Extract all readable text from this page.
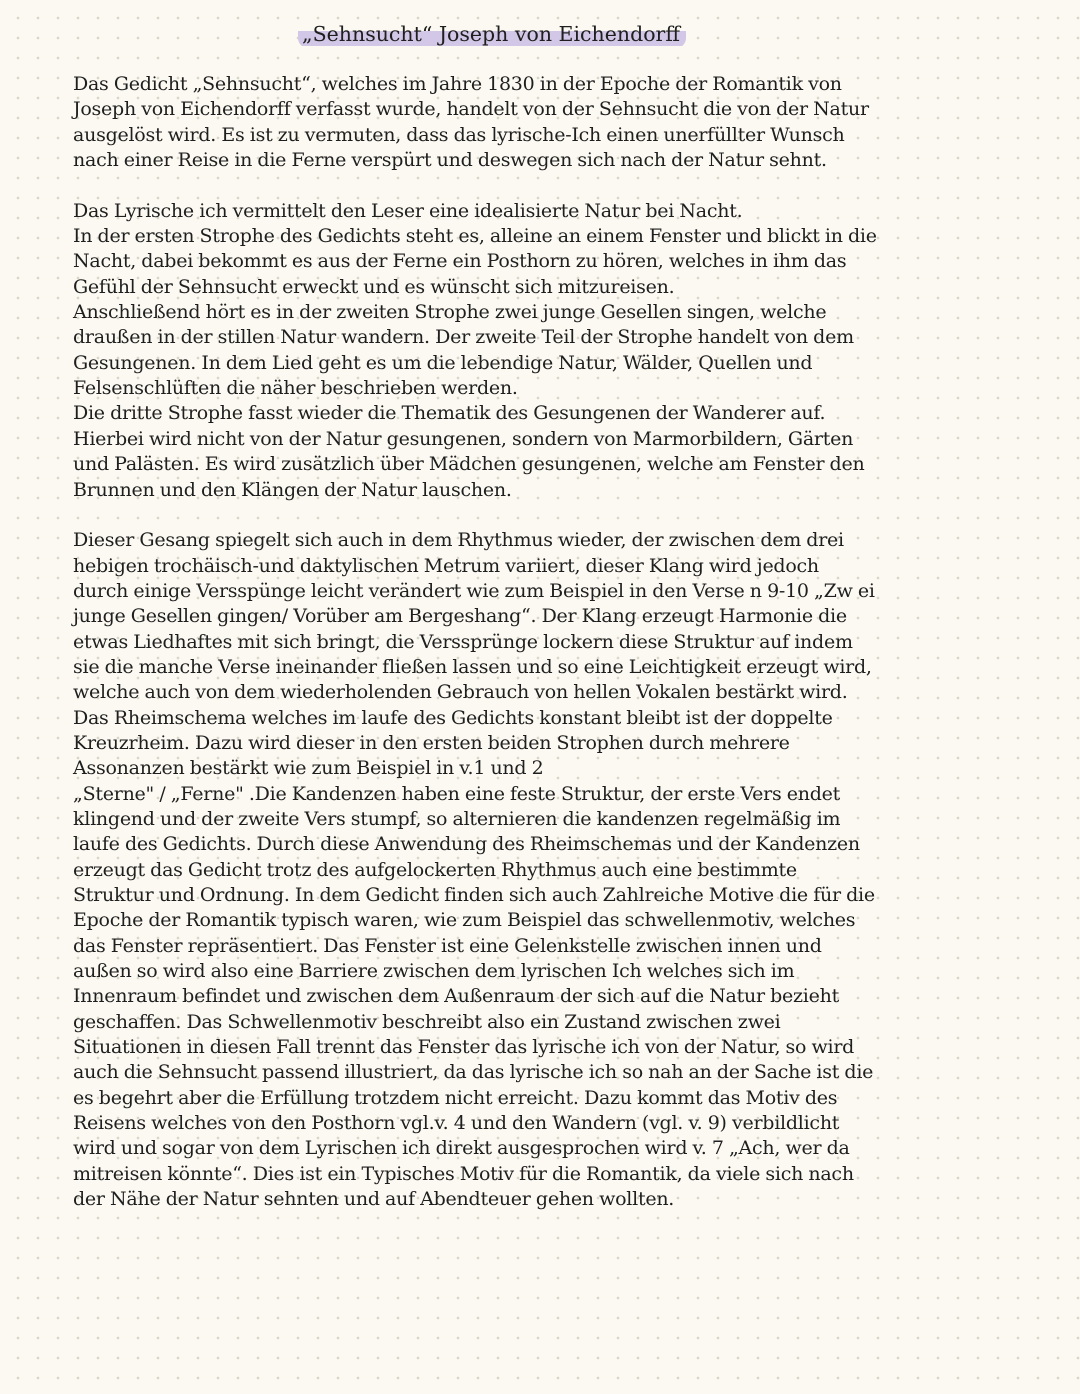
„Sehnsucht“ Joseph von Eichendorff
Das Gedicht „Sehnsucht“, welches im Jahre 1830 in der Epoche der Romantik von
Joseph von Eichendorff verfasst wurde, handelt von der Sehnsucht die von der Natur
ausgelöst wird. Es ist zu vermuten, dass das lyrische-Ich einen unerfüllter Wunsch
nach einer Reise in die Ferne verspürt und deswegen sich nach der Natur sehnt.
Das Lyrische ich vermittelt den Leser eine idealisierte Natur bei Nacht.
In der ersten Strophe des Gedichts steht es, alleine an einem Fenster und blickt in die
Nacht, dabei bekommt es aus der Ferne ein Posthorn zu hören, welches in ihm das
Gefühl der Sehnsucht erweckt und es wünscht sich mitzureisen.
Anschließend hört es in der zweiten Strophe zwei junge Gesellen singen, welche
draußen in der stillen Natur wandern. Der zweite Teil der Strophe handelt von dem
Gesungenen. In dem Lied geht es um die lebendige Natur, Wälder, Quellen und
Felsenschlüften die näher beschrieben werden.
Die dritte Strophe fasst wieder die Thematik des Gesungenen der Wanderer auf.
Hierbei wird nicht von der Natur gesungenen, sondern von Marmorbildern, Gärten
und Palästen. Es wird zusätzlich über Mädchen gesungenen, welche am Fenster den
Brunnen und den Klängen der Natur lauschen.
Dieser Gesang spiegelt sich auch in dem Rhythmus wieder, der zwischen dem drei
hebigen trochäisch-und daktylischen Metrum variiert, dieser Klang wird jedoch
durch einige Versspünge leicht verändert wie zum Beispiel in den Verse n 9-10 „Zw ei
junge Gesellen gingen/ Vorüber am Bergeshang“. Der Klang erzeugt Harmonie die
etwas Liedhaftes mit sich bringt, die Verssprünge lockern diese Struktur auf indem
sie die manche Verse ineinander fließen lassen und so eine Leichtigkeit erzeugt wird,
welche auch von dem wiederholenden Gebrauch von hellen Vokalen bestärkt wird.
Das Rheimschema welches im laufe des Gedichts konstant bleibt ist der doppelte
Kreuzrheim. Dazu wird dieser in den ersten beiden Strophen durch mehrere
Assonanzen bestärkt wie zum Beispiel in v.1 und 2
„Sterne" / „Ferne" .Die Kandenzen haben eine feste Struktur, der erste Vers endet
klingend und der zweite Vers stumpf, so alternieren die kandenzen regelmäßig im
laufe des Gedichts. Durch diese Anwendung des Rheimschemas und der Kandenzen
erzeugt das Gedicht trotz des aufgelockerten Rhythmus auch eine bestimmte
Struktur und Ordnung. In dem Gedicht finden sich auch Zahlreiche Motive die für die
Epoche der Romantik typisch waren, wie zum Beispiel das schwellenmotiv, welches
das Fenster repräsentiert. Das Fenster ist eine Gelenkstelle zwischen innen und
außen so wird also eine Barriere zwischen dem lyrischen Ich welches sich im
Innenraum befindet und zwischen dem Außenraum der sich auf die Natur bezieht
geschaffen. Das Schwellenmotiv beschreibt also ein Zustand zwischen zwei
Situationen in diesen Fall trennt das Fenster das lyrische ich von der Natur, so wird
auch die Sehnsucht passend illustriert, da das lyrische ich so nah an der Sache ist die
es begehrt aber die Erfüllung trotzdem nicht erreicht. Dazu kommt das Motiv des
Reisens welches von den Posthorn vgl.v. 4 und den Wandern (vgl. v. 9) verbildlicht
wird und sogar von dem Lyrischen ich direkt ausgesprochen wird v. 7 „Ach, wer da
mitreisen könnte“. Dies ist ein Typisches Motiv für die Romantik, da viele sich nach
der Nähe der Natur sehnten und auf Abendteuer gehen wollten.
